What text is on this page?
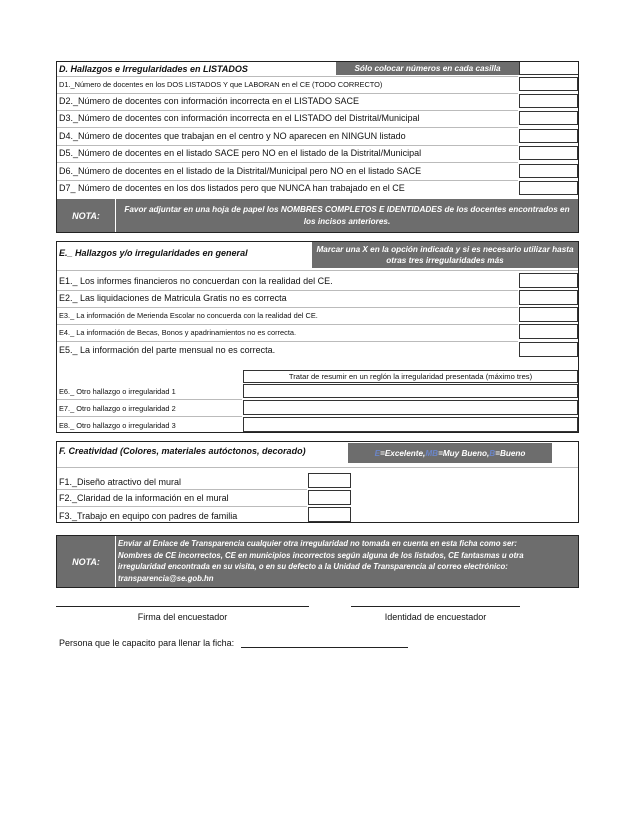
D. Hallazgos e Irregularidades en LISTADOS	Sólo colocar números en cada casilla
D1._Número de docentes en los DOS LISTADOS Y que LABORAN en el CE (TODO CORRECTO)
D2._Número de docentes con información incorrecta en el LISTADO SACE
D3._Número de docentes con información incorrecta en el LISTADO del Distrital/Municipal
D4._Número de docentes que trabajan en el centro y NO aparecen en NINGUN listado
D5._Número de docentes en el listado SACE pero NO en el listado de la Distrital/Municipal
D6._Número de docentes en el listado de la Distrital/Municipal pero NO en el listado SACE
D7_ Número de docentes en los dos listados pero que NUNCA han trabajado en el CE
NOTA:
Favor adjuntar en una hoja de papel los NOMBRES COMPLETOS E IDENTIDADES de los docentes encontrados en los incisos anteriores.
E._ Hallazgos y/o irregularidades en general	Marcar una X en la opción indicada y si es necesario utilizar hasta otras tres irregularidades más
E1._ Los informes financieros no concuerdan con la realidad del CE.
E2._ Las liquidaciones de Matricula Gratis no es correcta
E3._ La información de Merienda Escolar no concuerda con la realidad del CE.
E4._ La información de Becas, Bonos y apadrinamientos no es correcta.
E5._ La información del parte mensual no es correcta.
Tratar de resumir en un reglón la irregularidad presentada (máximo tres)
E6._ Otro hallazgo o irregularidad 1
E7._ Otro hallazgo o irregularidad 2
E8._ Otro hallazgo o irregularidad 3
F. Creatividad (Colores, materiales autóctonos, decorado)	E =Excelente, MB =Muy Bueno, B =Bueno
F1._Diseño atractivo del mural
F2._Claridad de la información en el mural
F3._Trabajo en equipo con padres de familia
NOTA:
Enviar al Enlace de Transparencia cualquier otra irregularidad no tomada en cuenta en esta ficha como ser:
Nombres de CE incorrectos, CE en municipios incorrectos según alguna de los listados, CE fantasmas u otra
irregularidad encontrada en su visita, o en su defecto a la Unidad de Transparencia al correo electrónico:
transparencia@se.gob.hn
Firma del encuestador	Identidad de encuestador
Persona que le capacito para llenar la ficha:
